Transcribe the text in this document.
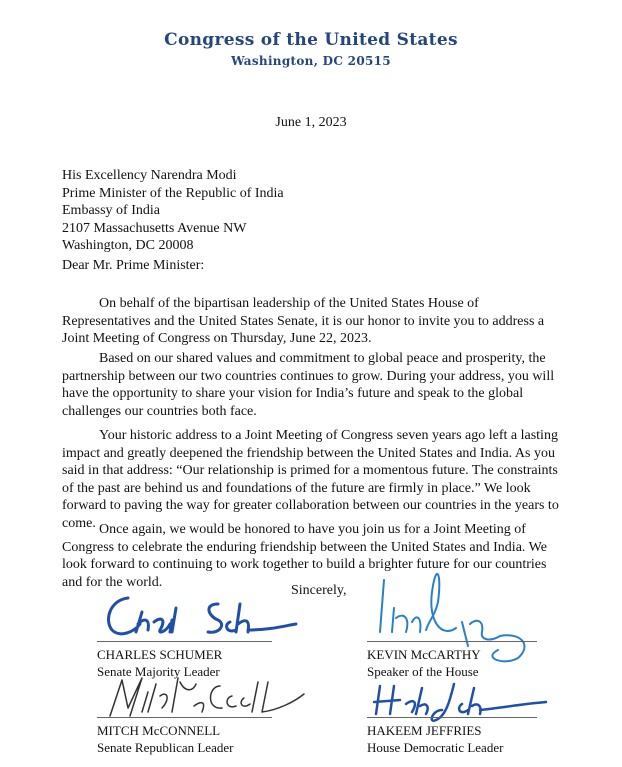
Congress of the United States
Washington, DC 20515
June 1, 2023
His Excellency Narendra Modi
Prime Minister of the Republic of India
Embassy of India
2107 Massachusetts Avenue NW
Washington, DC 20008
Dear Mr. Prime Minister:
On behalf of the bipartisan leadership of the United States House of Representatives and the United States Senate, it is our honor to invite you to address a Joint Meeting of Congress on Thursday, June 22, 2023.
Based on our shared values and commitment to global peace and prosperity, the partnership between our two countries continues to grow. During your address, you will have the opportunity to share your vision for India’s future and speak to the global challenges our countries both face.
Your historic address to a Joint Meeting of Congress seven years ago left a lasting impact and greatly deepened the friendship between the United States and India. As you said in that address: “Our relationship is primed for a momentous future. The constraints of the past are behind us and foundations of the future are firmly in place.” We look forward to paving the way for greater collaboration between our countries in the years to come. Once again, we would be honored to have you join us for a Joint Meeting of Congress to celebrate the enduring friendship between the United States and India. We look forward to continuing to work together to build a brighter future for our countries and for the world.
Sincerely,
CHARLES SCHUMER
Senate Majority Leader
KEVIN McCARTHY
Speaker of the House
MITCH McCONNELL
Senate Republican Leader
HAKEEM JEFFRIES
House Democratic Leader
